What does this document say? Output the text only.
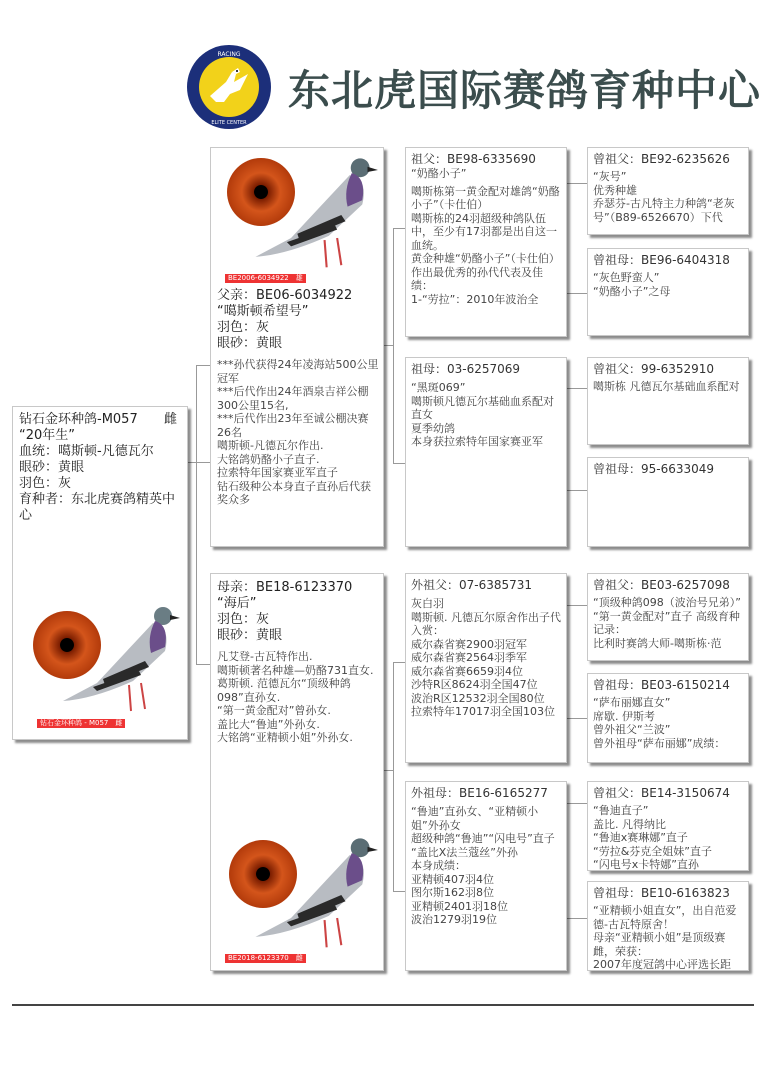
RACING
ELITE CENTER
东北虎国际赛鸽育种中心
钻石金环种鸽-M057 雌
“20年生”
血统：噶斯顿-凡德瓦尔
眼砂：黄眼
羽色：灰
育种者：东北虎赛鸽精英中心
钻石金环种鸽 - M057　雌
BE2006-6034922　雄
父亲：BE06-6034922
“噶斯顿希望号”
羽色：灰
眼砂：黄眼
***孙代获得24年凌海站500公里冠军
***后代作出24年酒泉吉祥公棚300公里15名,
***后代作出23年至诚公棚决赛26名
噶斯顿-凡德瓦尔作出.
大铭鸽奶酪小子直子.
拉索特年国家赛亚军直子
钻石级种公本身直子直孙后代获奖众多
母亲：BE18-6123370
“海后”
羽色：灰
眼砂：黄眼
凡艾登-古瓦特作出.
噶斯顿著名种雄—奶酪731直女.
葛斯顿. 范德瓦尔“顶级种鸽098”直孙女.
“第一黄金配对”曾孙女.
盖比大“鲁迪”外孙女.
大铭鸽“亚精顿小姐”外孙女.
BE2018-6123370　雌
祖父：BE98-6335690
“奶酪小子”
噶斯栋第一黄金配对雄鸽“奶酪小子”（卡仕伯）
噶斯栋的24羽超级种鸽队伍中，至少有17羽都是出自这一血统。
黄金种雄“奶酪小子”（卡仕伯）
作出最优秀的孙代代表及佳绩：
1-“劳拉”：2010年波治全
祖母：03-6257069
“黑斑069”
噶斯顿凡德瓦尔基础血系配对直女
夏季幼鸽
本身获拉索特年国家赛亚军
外祖父：07-6385731
灰白羽
噶斯顿. 凡德瓦尔原舍作出子代入赏：
威尔森省赛2900羽冠军
威尔森省赛2564羽季军
威尔森省赛6659羽4位
沙特R区8624羽全国47位
波治R区12532羽全国80位
拉索特年17017羽全国103位
外祖母：BE16-6165277
“鲁迪”直孙女、“亚精顿小姐”外孙女
超级种鸽“鲁迪”“闪电号”直子
“盖比X法兰蔻丝”外孙
本身成绩：
亚精顿407羽4位
图尔斯162羽8位
亚精顿2401羽18位
波治1279羽19位
曾祖父：BE92-6235626
“灰号”
优秀种雄
乔瑟芬-古凡特主力种鸽“老灰号”（B89-6526670）下代
曾祖母：BE96-6404318
“灰色野蛮人”
“奶酪小子”之母
曾祖父：99-6352910
噶斯栋 凡德瓦尔基础血系配对
曾祖母：95-6633049
曾祖父：BE03-6257098
“顶级种鸽098（波治号兄弟）”
“第一黄金配对”直子 高级育种记录：
比利时赛鸽大师-噶斯栋·范
曾祖母：BE03-6150214
“萨布丽娜直女”
席歇. 伊斯考
曾外祖父“兰波”
曾外祖母“萨布丽娜”成绩：
曾祖父：BE14-3150674
“鲁迪直子”
盖比. 凡得纳比
“鲁迪x赛琳娜”直子
“劳拉&芬克全姐妹”直子
“闪电号x卡特娜”直孙
曾祖母：BE10-6163823
“亚精顿小姐直女”，出自范爱德-古瓦特原舍！
母亲“亚精顿小姐”是顶级赛雌，荣获：
2007年度冠鸽中心评选长距
